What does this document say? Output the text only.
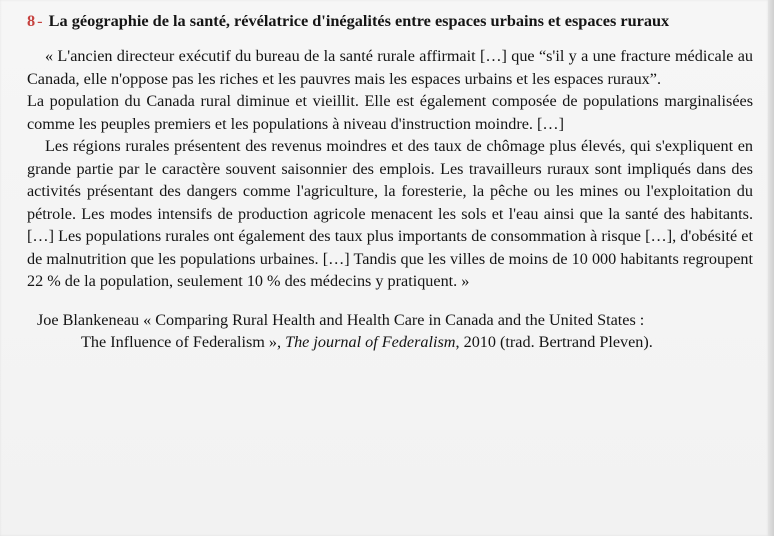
8 - La géographie de la santé, révélatrice d'inégalités entre espaces urbains et espaces ruraux

« L'ancien directeur exécutif du bureau de la santé rurale affirmait […] que “s'il y a une fracture médicale au Canada, elle n'oppose pas les riches et les pauvres mais les espaces urbains et les espaces ruraux”.

La population du Canada rural diminue et vieillit. Elle est également composée de populations marginalisées comme les peuples premiers et les populations à niveau d'instruction moindre. […]

Les régions rurales présentent des revenus moindres et des taux de chômage plus élevés, qui s'expliquent en grande partie par le caractère souvent saisonnier des emplois. Les travailleurs ruraux sont impliqués dans des activités présentant des dangers comme l'agriculture, la foresterie, la pêche ou les mines ou l'exploitation du pétrole. Les modes intensifs de production agricole menacent les sols et l'eau ainsi que la santé des habitants. […] Les populations rurales ont également des taux plus importants de consommation à risque […], d'obésité et de malnutrition que les populations urbaines. […] Tandis que les villes de moins de 10 000 habitants regroupent 22 % de la population, seulement 10 % des médecins y pratiquent. »

Joe Blankeneau « Comparing Rural Health and Health Care in Canada and the United States :
The Influence of Federalism », The journal of Federalism, 2010 (trad. Bertrand Pleven).
